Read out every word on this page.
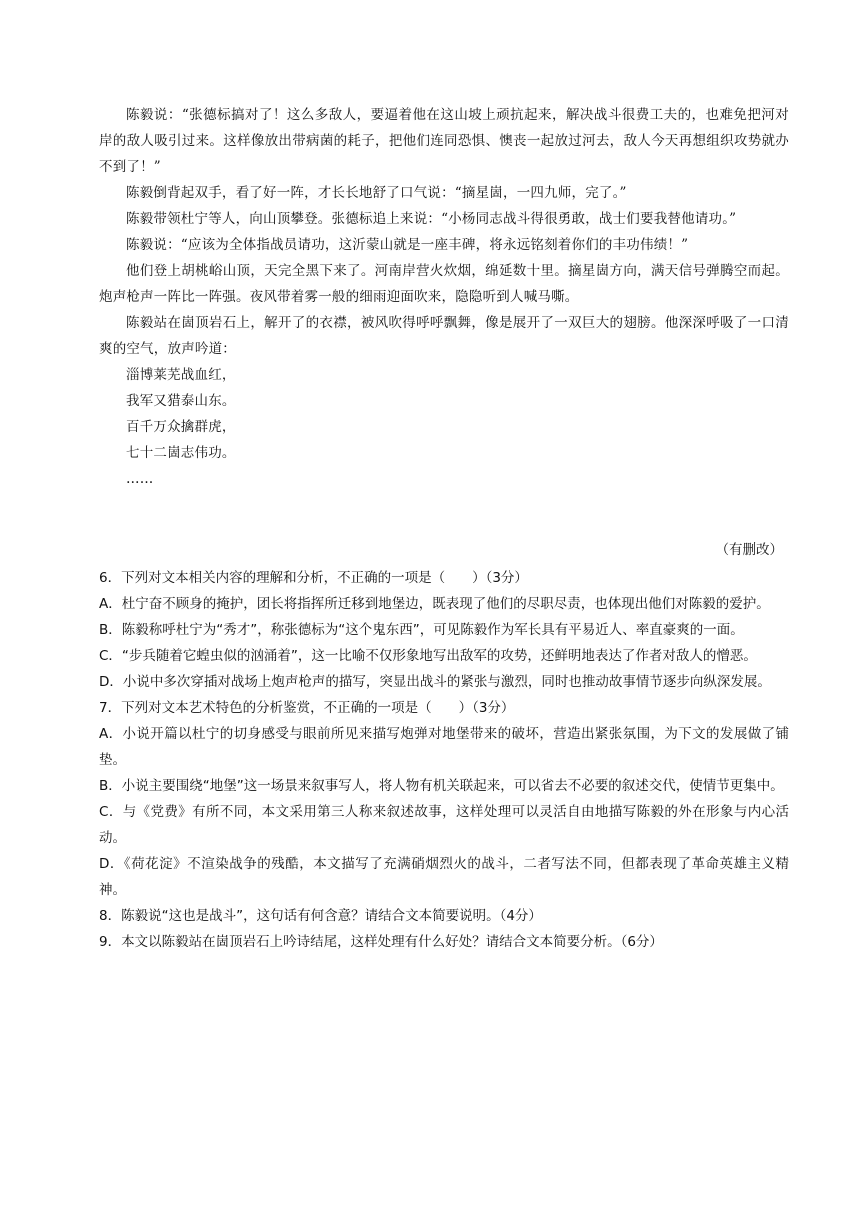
陈毅说：“张德标搞对了！这么多敌人，要逼着他在这山坡上顽抗起来，解决战斗很费工夫的，也难免把河对岸的敌人吸引过来。这样像放出带病菌的耗子，把他们连同恐惧、懊丧一起放过河去，敌人今天再想组织攻势就办不到了！”

陈毅倒背起双手，看了好一阵，才长长地舒了口气说：“摘星崮，一四九师，完了。”

陈毅带领杜宁等人，向山顶攀登。张德标追上来说：“小杨同志战斗得很勇敢，战士们要我替他请功。”

陈毅说：“应该为全体指战员请功，这沂蒙山就是一座丰碑，将永远铭刻着你们的丰功伟绩！”

他们登上胡桃峪山顶，天完全黑下来了。河南岸营火炊烟，绵延数十里。摘星崮方向，满天信号弹腾空而起。炮声枪声一阵比一阵强。夜风带着雾一般的细雨迎面吹来，隐隐听到人喊马嘶。

陈毅站在崮顶岩石上，解开了的衣襟，被风吹得呼呼飘舞，像是展开了一双巨大的翅膀。他深深呼吸了一口清爽的空气，放声吟道：

淄博莱芜战血红，
我军又猎泰山东。
百千万众擒群虎，
七十二崮志伟功。
……
（有删改）
6．下列对文本相关内容的理解和分析，不正确的一项是（　　）（3分）
A．杜宁奋不顾身的掩护，团长将指挥所迁移到地堡边，既表现了他们的尽职尽责，也体现出他们对陈毅的爱护。
B．陈毅称呼杜宁为“秀才”，称张德标为“这个鬼东西”，可见陈毅作为军长具有平易近人、率直豪爽的一面。
C．“步兵随着它蝗虫似的汹涌着”，这一比喻不仅形象地写出敌军的攻势，还鲜明地表达了作者对敌人的憎恶。
D．小说中多次穿插对战场上炮声枪声的描写，突显出战斗的紧张与激烈，同时也推动故事情节逐步向纵深发展。
7．下列对文本艺术特色的分析鉴赏，不正确的一项是（　　）（3分）
A．小说开篇以杜宁的切身感受与眼前所见来描写炮弹对地堡带来的破坏，营造出紧张氛围，为下文的发展做了铺垫。
B．小说主要围绕“地堡”这一场景来叙事写人，将人物有机关联起来，可以省去不必要的叙述交代，使情节更集中。
C．与《党费》有所不同，本文采用第三人称来叙述故事，这样处理可以灵活自由地描写陈毅的外在形象与内心活动。
D．《荷花淀》不渲染战争的残酷，本文描写了充满硝烟烈火的战斗，二者写法不同，但都表现了革命英雄主义精神。
8．陈毅说“这也是战斗”，这句话有何含意？请结合文本简要说明。（4分）
9．本文以陈毅站在崮顶岩石上吟诗结尾，这样处理有什么好处？请结合文本简要分析。（6分）
